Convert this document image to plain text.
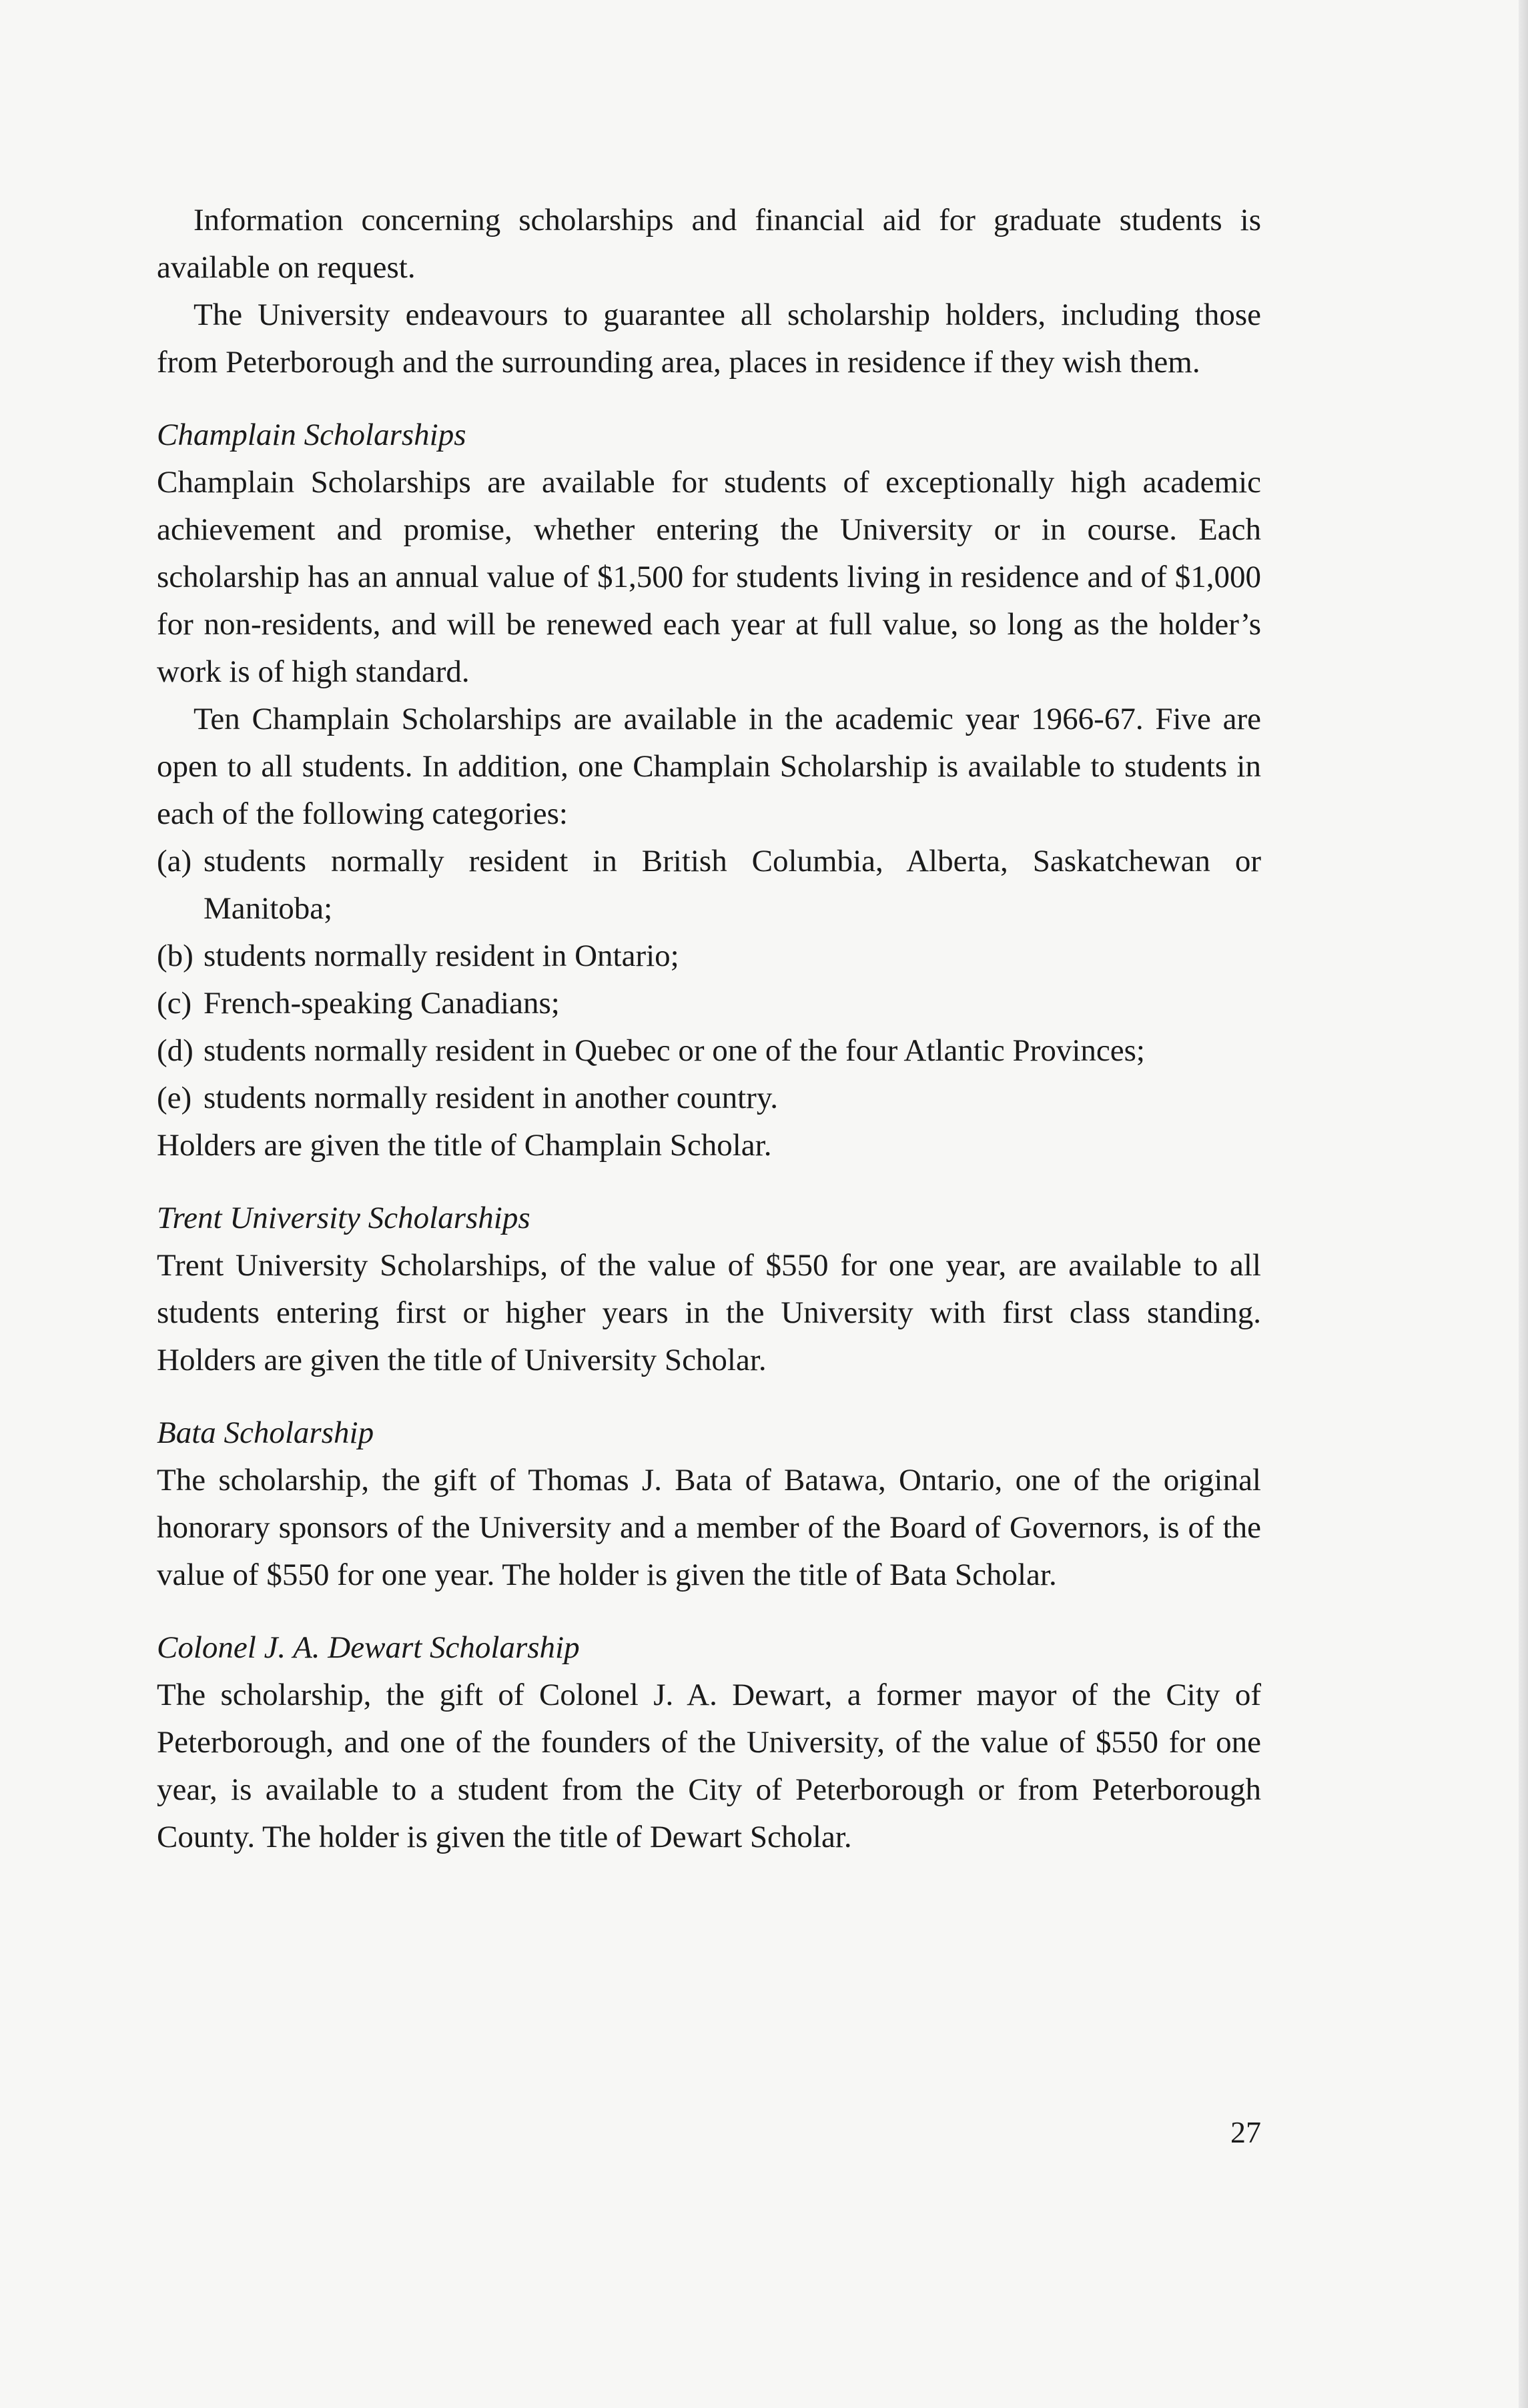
Information concerning scholarships and financial aid for graduate students is available on request.

The University endeavours to guarantee all scholarship holders, including those from Peterborough and the surrounding area, places in residence if they wish them.

Champlain Scholarships

Champlain Scholarships are available for students of exceptionally high academic achievement and promise, whether entering the University or in course. Each scholarship has an annual value of $1,500 for students living in residence and of $1,000 for non-residents, and will be renewed each year at full value, so long as the holder’s work is of high standard.

Ten Champlain Scholarships are available in the academic year 1966-67. Five are open to all students. In addition, one Champlain Scholarship is available to students in each of the following categories:

(a) students normally resident in British Columbia, Alberta, Saskatchewan or Manitoba;
(b) students normally resident in Ontario;
(c) French-speaking Canadians;
(d) students normally resident in Quebec or one of the four Atlantic Provinces;
(e) students normally resident in another country.

Holders are given the title of Champlain Scholar.

Trent University Scholarships

Trent University Scholarships, of the value of $550 for one year, are available to all students entering first or higher years in the University with first class standing. Holders are given the title of University Scholar.

Bata Scholarship

The scholarship, the gift of Thomas J. Bata of Batawa, Ontario, one of the original honorary sponsors of the University and a member of the Board of Governors, is of the value of $550 for one year. The holder is given the title of Bata Scholar.

Colonel J. A. Dewart Scholarship

The scholarship, the gift of Colonel J. A. Dewart, a former mayor of the City of Peterborough, and one of the founders of the University, of the value of $550 for one year, is available to a student from the City of Peterborough or from Peterborough County. The holder is given the title of Dewart Scholar.

27
